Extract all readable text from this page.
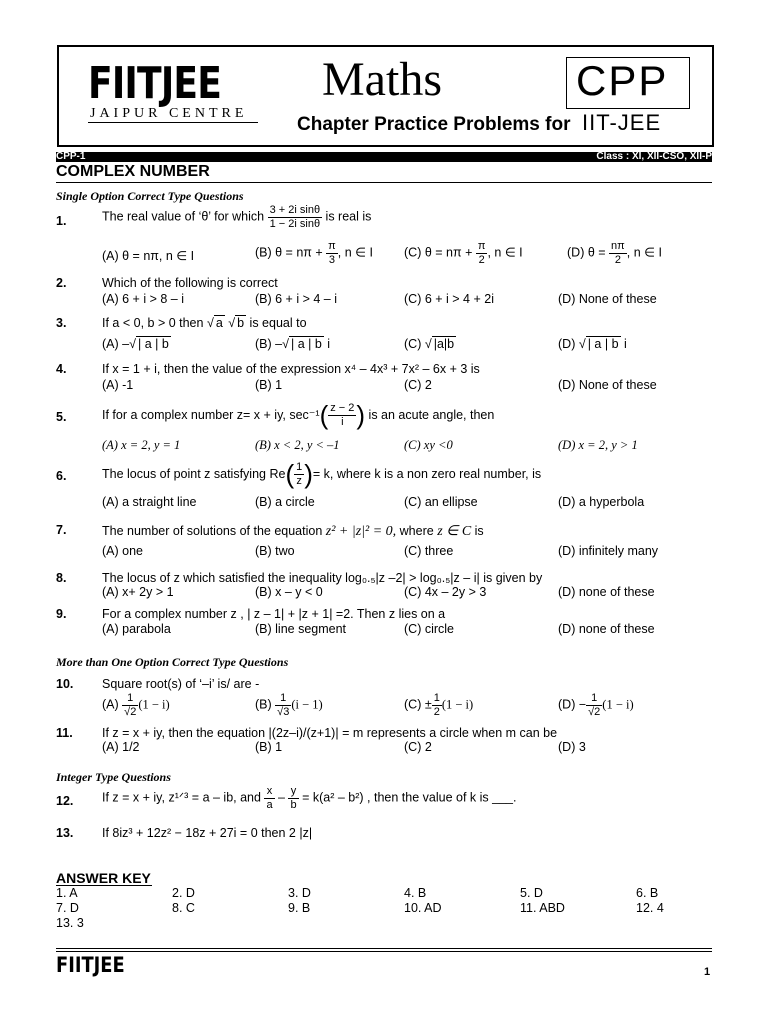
FIITJEE
JAIPUR CENTRE
Maths	CPP
Chapter Practice Problems for IIT-JEE
CPP-1	Class : XI, XII-CSO, XII-P
COMPLEX NUMBER
Single Option Correct Type Questions
1.	The real value of ‘θ’ for which $\frac{\text{3 + 2i sinθ}}{\text{1 − 2i sinθ}}$ is real is
(A) θ = nπ, n ∈ I	(B) $\theta = n\pi + \frac{\pi}{3}$ , n ∈ I (C) $\theta = n\pi + \frac{\pi}{2}$ , n ∈ I	(D) $\theta = \frac{n\pi}{2}$ , n ∈ I
2.	Which of the following is correct
(A) 6 + i > 8 – i	(B) 6 + i > 4 – i	(C) 6 + i > 4 + 2i	(D) None of these
3.	If a < 0, b > 0 then √ a √ b is equal to
(A) –√ | a | b	(B) –√ | a | b i	(C) √ |a|b	(D) √ | a | b i
4.	If x = 1 + i, then the value of the expression x⁴ – 4x³ + 7x² – 6x + 3 is
(A) -1	(B) 1	(C) 2	(D) None of these
5.	If for a complex number z= x + iy, $\sec^{-1}( \frac{z - 2}{i}$ ) is an acute angle, then
(A) x = 2, y = 1	(B) x < 2, y < –1	(C) xy <0	(D) x = 2, y > 1
6.	The locus of point z satisfying $Re( \frac{1}{z}$ )= k, where k is a non zero real number, is
(A) a straight line	(B) a circle	(C) an ellipse	(D) a hyperbola
7.	The number of solutions of the equation z² + |z|² = 0, where z ∈ C is
(A) one	(B) two	(C) three	(D) infinitely many
8.	The locus of z which satisfied the inequality log₀.₅|z –2| > log₀.₅|z – i| is given by
(A) x+ 2y > 1	(B) x – y < 0	(C) 4x – 2y > 3	(D) none of these
9.	For a complex number z , | z – 1| + |z + 1| =2. Then z lies on a
(A) parabola	(B) line segment	(C) circle	(D) none of these
More than One Option Correct Type Questions
10. Square root(s) of ‘–i’ is/ are -
$(A) \frac{1}{√2} (1 - i)$	$(B) \frac{1}{√3} (i - 1)$	$(C) \pm \frac{1}{2} (1 - i)$	$(D) - \frac{1}{√2} (1 - i)$
11. If z = x + iy, then the equation |(2z–i)/(z+1)| = m represents a circle when m can be
(A) 1/2	(B) 1	(C) 2	(D) 3
Integer Type Questions
12. If z = x + iy, z¹ᐟ³ = a – ib, and $\frac{x}{a} - \frac{y}{b} = k(a^2 - b^2)$ , then the value of k is ___.
13. If 8iz³ + 12z² − 18z + 27i = 0 then 2 |z|
ANSWER KEY
1. A	2. D	3. D	4. B	5. D	6. B
7. D	8. C	9. B	10. AD	11. ABD	12. 4
13. 3
FIITJEE	1
